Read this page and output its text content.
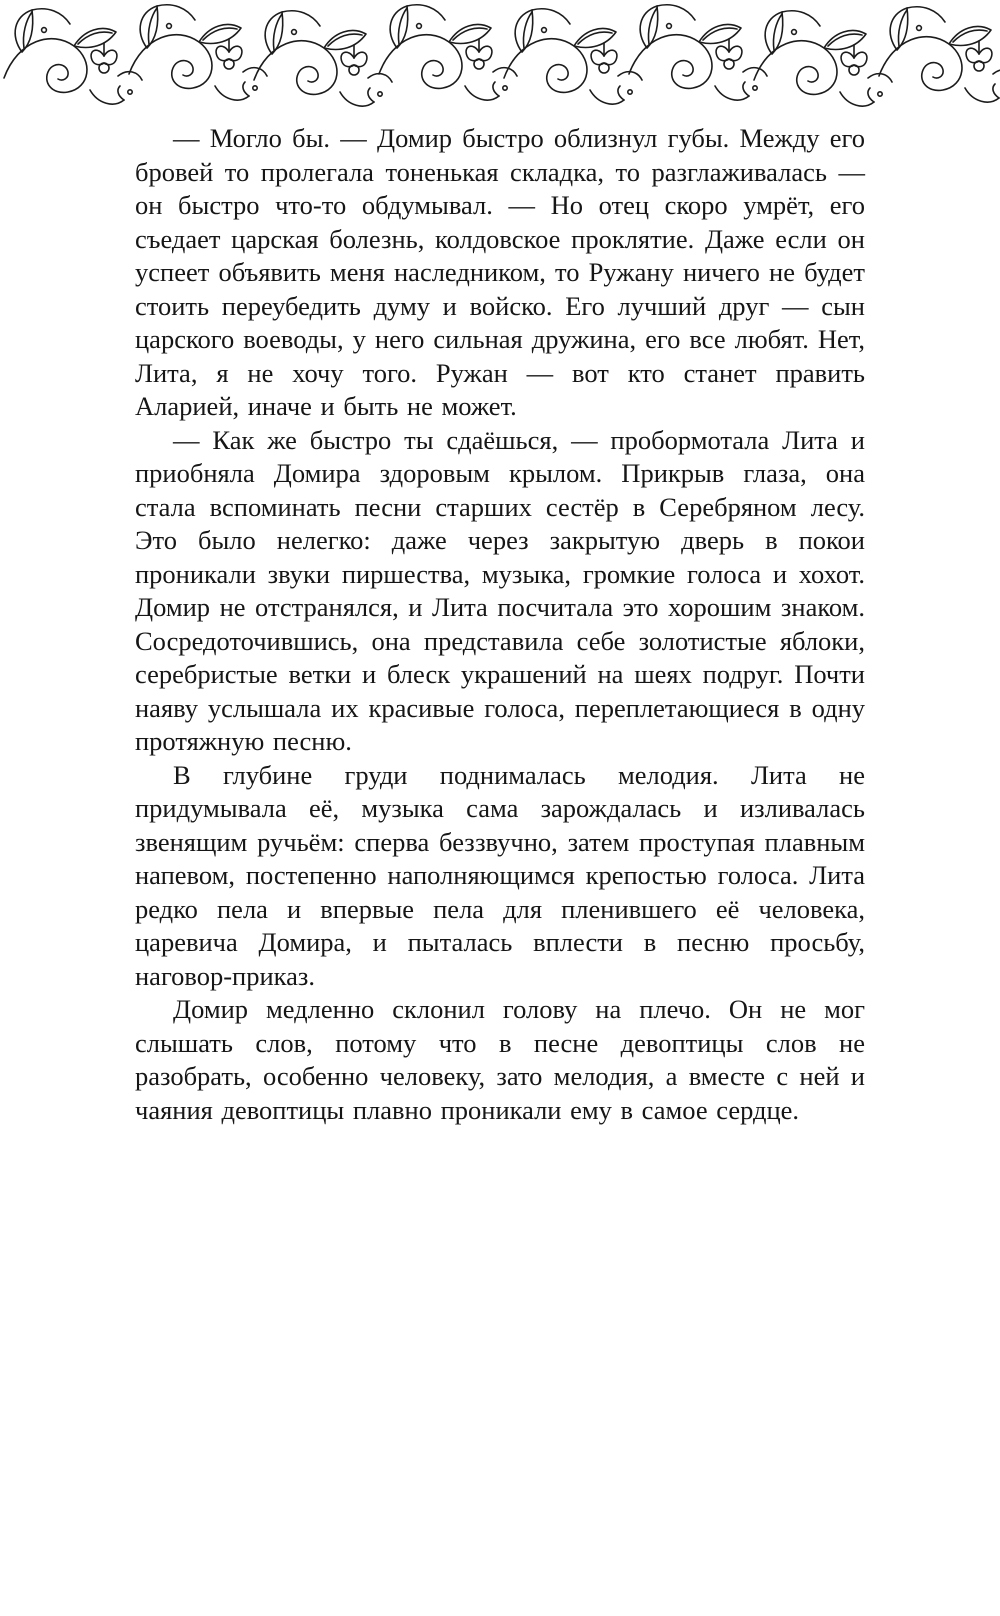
— Могло бы. — Домир быстро облизнул губы. Между его бровей то пролегала тоненькая складка, то разглаживалась — он быстро что-то обдумывал. — Но отец скоро умрёт, его съедает царская болезнь, колдовское проклятие. Даже если он успеет объявить меня наследником, то Ружану ничего не будет стоить переубедить думу и войско. Его лучший друг — сын царского воеводы, у него сильная дружина, его все любят. Нет, Лита, я не хочу того. Ружан — вот кто станет править Аларией, иначе и быть не может.

— Как же быстро ты сдаёшься, — пробормотала Лита и приобняла Домира здоровым крылом. Прикрыв глаза, она стала вспоминать песни старших сестёр в Серебряном лесу. Это было нелегко: даже через закрытую дверь в покои проникали звуки пиршества, музыка, громкие голоса и хохот. Домир не отстранялся, и Лита посчитала это хорошим знаком. Сосредоточившись, она представила себе золотистые яблоки, серебристые ветки и блеск украшений на шеях подруг. Почти наяву услышала их красивые голоса, переплетающиеся в одну протяжную песню.

В глубине груди поднималась мелодия. Лита не придумывала её, музыка сама зарождалась и изливалась звенящим ручьём: сперва беззвучно, затем проступая плавным напевом, постепенно наполняющимся крепостью голоса. Лита редко пела и впервые пела для пленившего её человека, царевича Домира, и пыталась вплести в песню просьбу, наговор-приказ.

Домир медленно склонил голову на плечо. Он не мог слышать слов, потому что в песне девоптицы слов не разобрать, особенно человеку, зато мелодия, а вместе с ней и чаяния девоптицы плавно проникали ему в самое сердце.
